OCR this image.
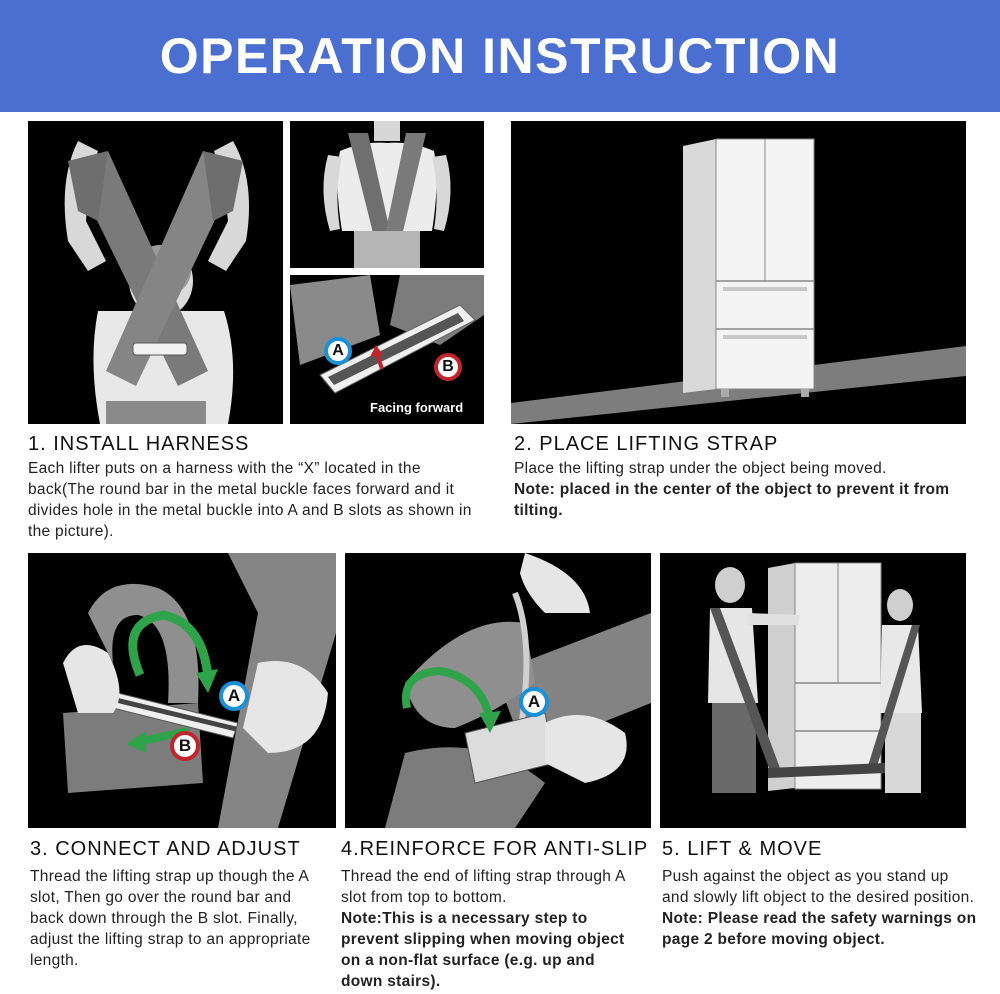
OPERATION INSTRUCTION
A
B
Facing forward
1. INSTALL HARNESS
Each lifter puts on a harness with the “X” located in the back(The round bar in the metal buckle faces forward and it divides hole in the metal buckle into A and B slots as shown in the picture).
2. PLACE LIFTING STRAP
Place the lifting strap under the object being moved.
Note: placed in the center of the object to prevent it from tilting.
A
B
A
3. CONNECT AND ADJUST
Thread the lifting strap up though the A slot, Then go over the round bar and back down through the B slot. Finally, adjust the lifting strap to an appropriate length.
4.REINFORCE FOR ANTI-SLIP
Thread the end of lifting strap through A slot from top to bottom.
Note:This is a necessary step to prevent slipping when moving object on a non-flat surface (e.g. up and down stairs).
5. LIFT & MOVE
Push against the object as you stand up and slowly lift object to the desired position.
Note: Please read the safety warnings on page 2 before moving object.
